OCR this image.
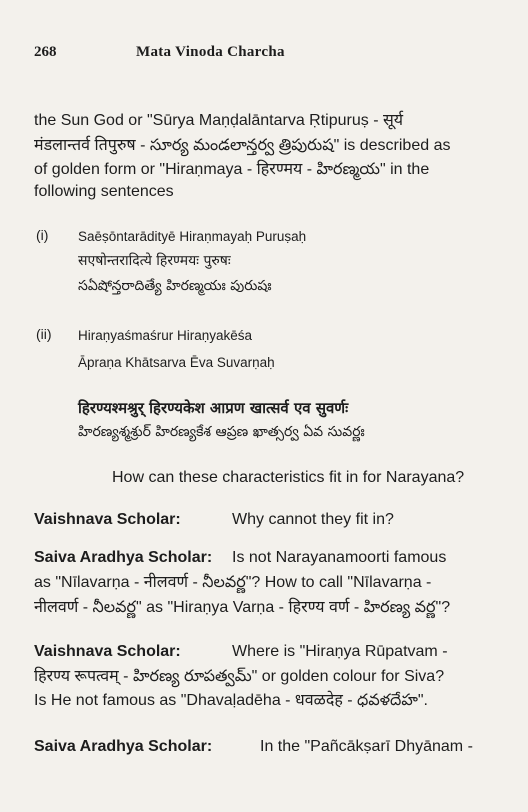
268	Mata Vinoda Charcha
the Sun God or "Sūrya Maṇḍalāntarva Ṛtipuruṣ - सूर्य
मंडलान्तर्व तिपुरुष - సూర్య మండలాన్తర్వ త్రిపురుష" is described as
of golden form or "Hiraṇmaya - हिरण्मय - హిరణ్మయ" in the
following sentences
(i) Saēṣōntarādityē Hiraṇmayaḥ Puruṣaḥ
सएषोन्तरादित्ये हिरण्मयः पुरुषः
సఏషోన్తరాదిత్యే హిరణ్మయః పురుషః
(ii) Hiraṇyaśmaśrur Hiraṇyakēśa
Āpraṇa Khātsarva Ēva Suvarṇaḥ
हिरण्यश्मश्रुर् हिरण्यकेश आप्रण खात्सर्व एव सुवर्णः
హిరణ్యశ్మశ్రుర్ హిరణ్యకేశ ఆప్రణ ఖాత్సర్వ ఏవ సువర్ణః
How can these characteristics fit in for Narayana?
Vaishnava Scholar:	Why cannot they fit in?
Saiva Aradhya Scholar: Is not Narayanamoorti famous
as "Nīlavarṇa - नीलवर्ण - నీలవర్ణ"? How to call "Nīlavarṇa -
नीलवर्ण - నీలవర్ణ" as "Hiraṇya Varṇa - हिरण्य वर्ण - హిరణ్య వర్ణ"?
Vaishnava Scholar:	Where is "Hiraṇya Rūpatvam -
हिरण्य रूपत्वम् - హిరణ్య రూపత్వమ్" or golden colour for Siva?
Is He not famous as "Dhavaḷadēha - धवळदेह - ధవళదేహ".
Saiva Aradhya Scholar:	In the "Pañcākṣarī Dhyānam -
